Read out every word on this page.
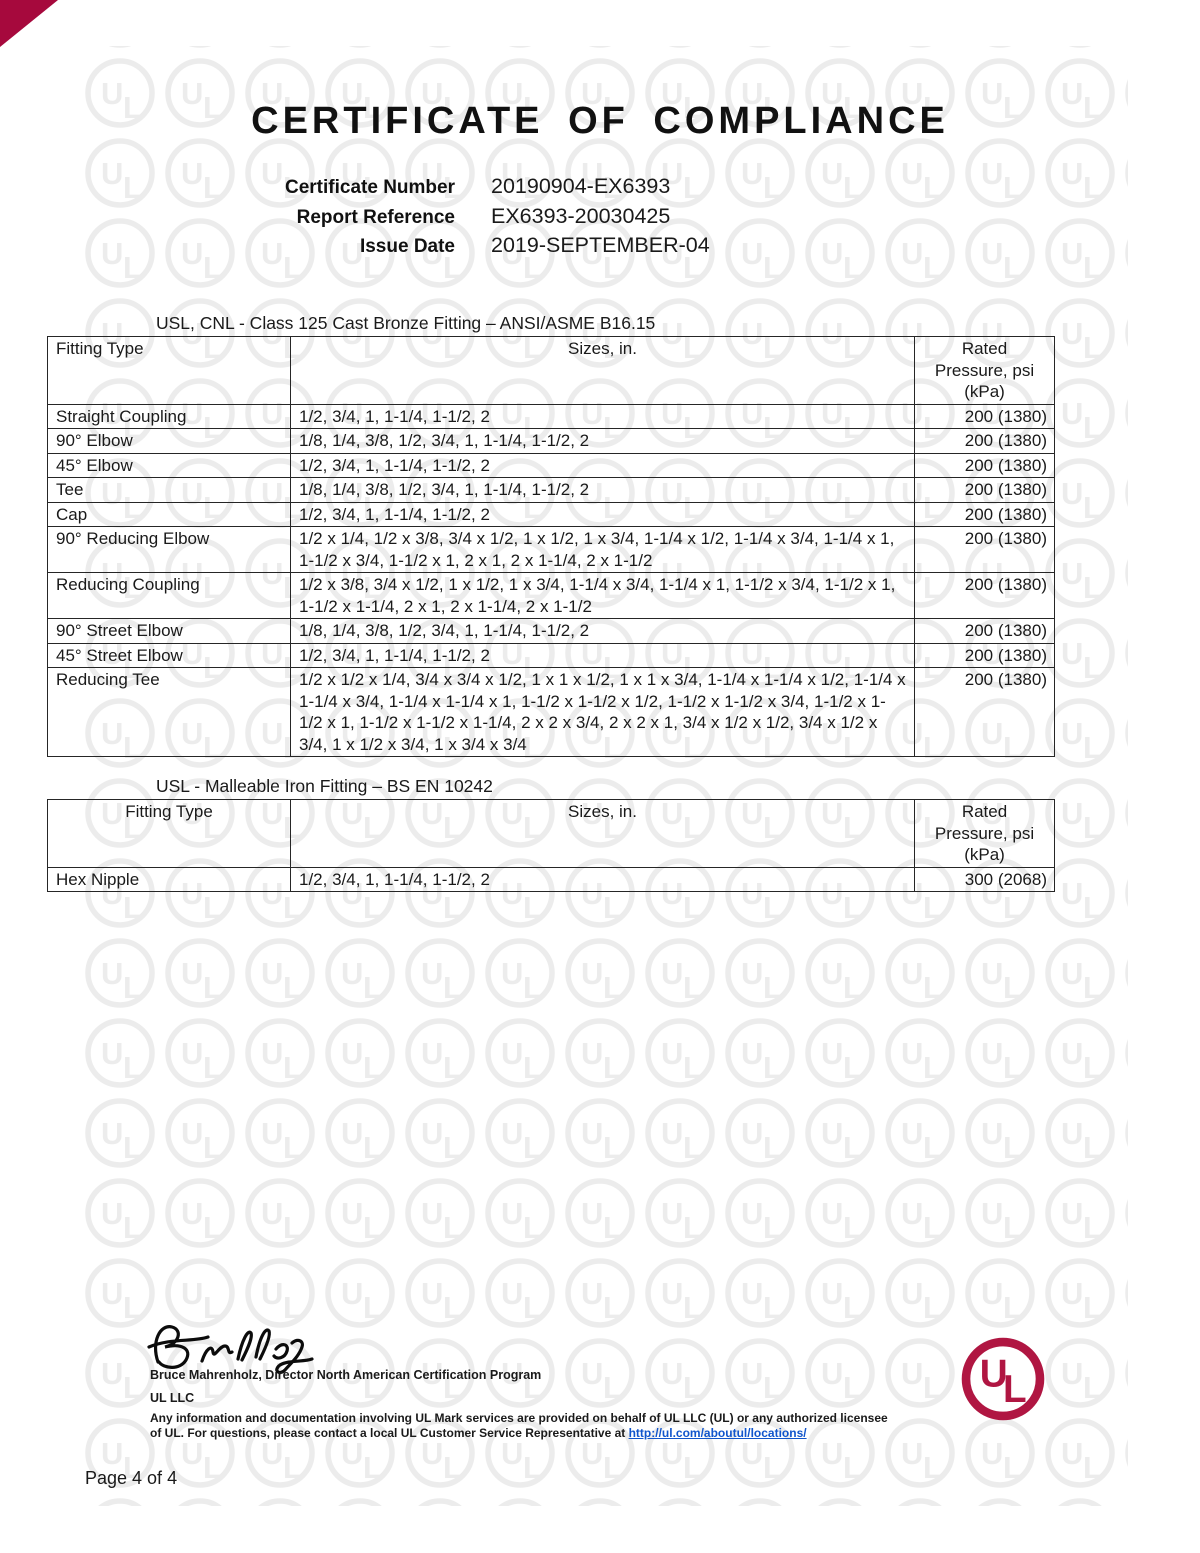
CERTIFICATE OF COMPLIANCE
Certificate Number 20190904-EX6393
Report Reference EX6393-20030425
Issue Date 2019-SEPTEMBER-04
USL, CNL - Class 125 Cast Bronze Fitting – ANSI/ASME B16.15
Fitting Type	Sizes, in.	Rated
Pressure, psi
(kPa)
Straight Coupling	1/2, 3/4, 1, 1-1/4, 1-1/2, 2	200 (1380)
90° Elbow	1/8, 1/4, 3/8, 1/2, 3/4, 1, 1-1/4, 1-1/2, 2	200 (1380)
45° Elbow	1/2, 3/4, 1, 1-1/4, 1-1/2, 2	200 (1380)
Tee	1/8, 1/4, 3/8, 1/2, 3/4, 1, 1-1/4, 1-1/2, 2	200 (1380)
Cap	1/2, 3/4, 1, 1-1/4, 1-1/2, 2	200 (1380)
90° Reducing Elbow	1/2 x 1/4, 1/2 x 3/8, 3/4 x 1/2, 1 x 1/2, 1 x 3/4, 1-1/4 x 1/2, 1-1/4 x 3/4, 1-1/4 x 1, 1-1/2 x 3/4, 1-1/2 x 1, 2 x 1, 2 x 1-1/4, 2 x 1-1/2	200 (1380)
Reducing Coupling	1/2 x 3/8, 3/4 x 1/2, 1 x 1/2, 1 x 3/4, 1-1/4 x 3/4, 1-1/4 x 1, 1-1/2 x 3/4, 1-1/2 x 1, 1-1/2 x 1-1/4, 2 x 1, 2 x 1-1/4, 2 x 1-1/2	200 (1380)
90° Street Elbow	1/8, 1/4, 3/8, 1/2, 3/4, 1, 1-1/4, 1-1/2, 2	200 (1380)
45° Street Elbow	1/2, 3/4, 1, 1-1/4, 1-1/2, 2	200 (1380)
Reducing Tee	1/2 x 1/2 x 1/4, 3/4 x 3/4 x 1/2, 1 x 1 x 1/2, 1 x 1 x 3/4, 1-1/4 x 1-1/4 x 1/2, 1-1/4 x 1-1/4 x 3/4, 1-1/4 x 1-1/4 x 1, 1-1/2 x 1-1/2 x 1/2, 1-1/2 x 1-1/2 x 3/4, 1-1/2 x 1-1/2 x 1, 1-1/2 x 1-1/2 x 1-1/4, 2 x 2 x 3/4, 2 x 2 x 1, 3/4 x 1/2 x 1/2, 3/4 x 1/2 x 3/4, 1 x 1/2 x 3/4, 1 x 3/4 x 3/4	200 (1380)
USL - Malleable Iron Fitting – BS EN 10242
Fitting Type	Sizes, in.	Rated
Pressure, psi
(kPa)
Hex Nipple	1/2, 3/4, 1, 1-1/4, 1-1/2, 2	300 (2068)
Bruce Mahrenholz, Director North American Certification Program
UL LLC
Any information and documentation involving UL Mark services are provided on behalf of UL LLC (UL) or any authorized licensee of UL. For questions, please contact a local UL Customer Service Representative at http://ul.com/aboutul/locations/
U
L
Page 4 of 4
